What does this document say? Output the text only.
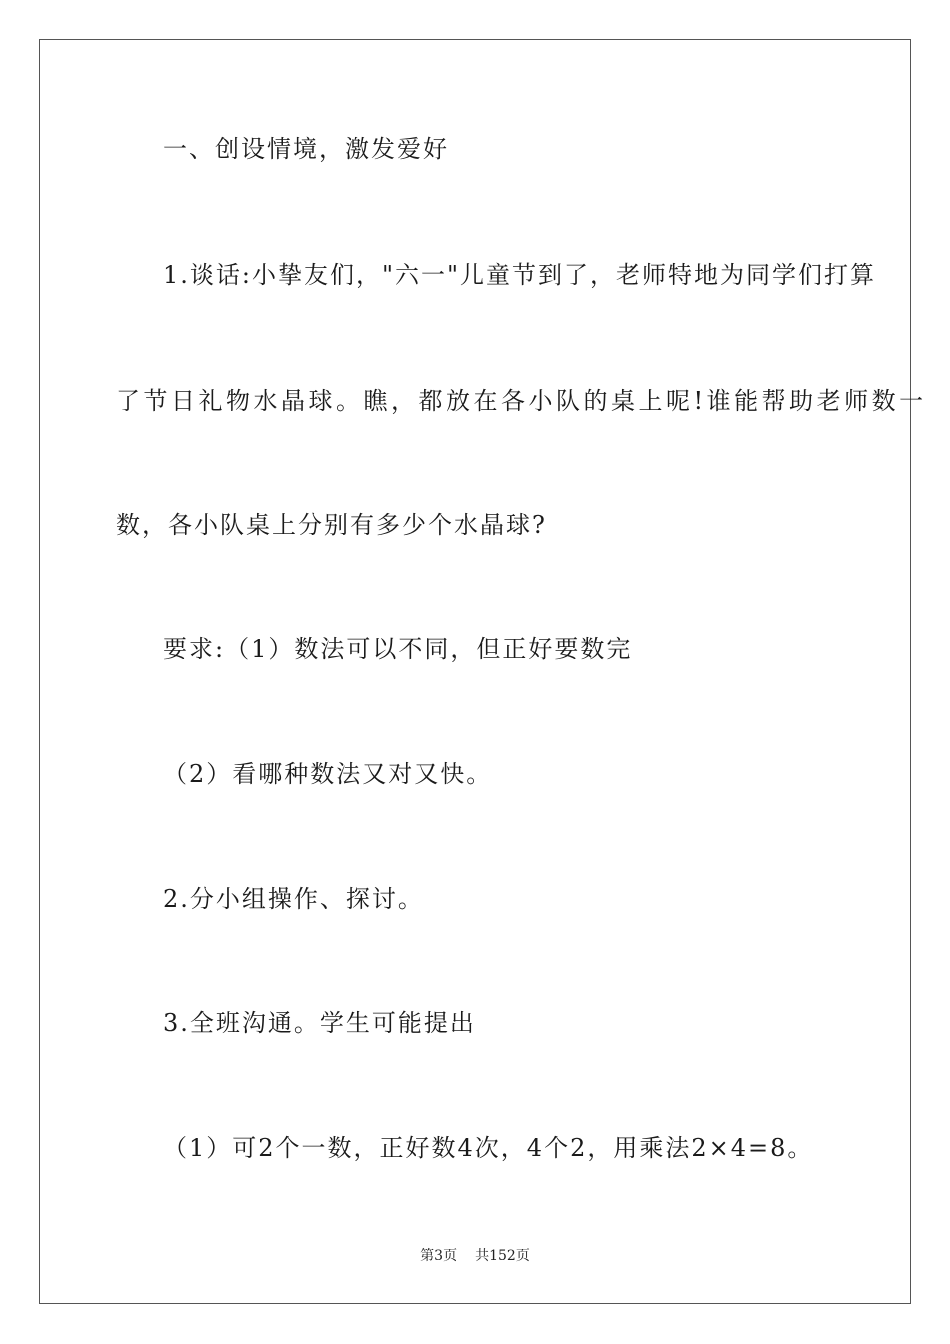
一、创设情境，激发爱好
1.谈话:小挚友们，"六一"儿童节到了，老师特地为同学们打算
了节日礼物水晶球。瞧，都放在各小队的桌上呢!谁能帮助老师数一
数，各小队桌上分别有多少个水晶球?
要求:（1）数法可以不同，但正好要数完
（2）看哪种数法又对又快。
2.分小组操作、探讨。
3.全班沟通。学生可能提出
（1）可2个一数，正好数4次，4个2，用乘法2×4=8。
第3页 共152页
